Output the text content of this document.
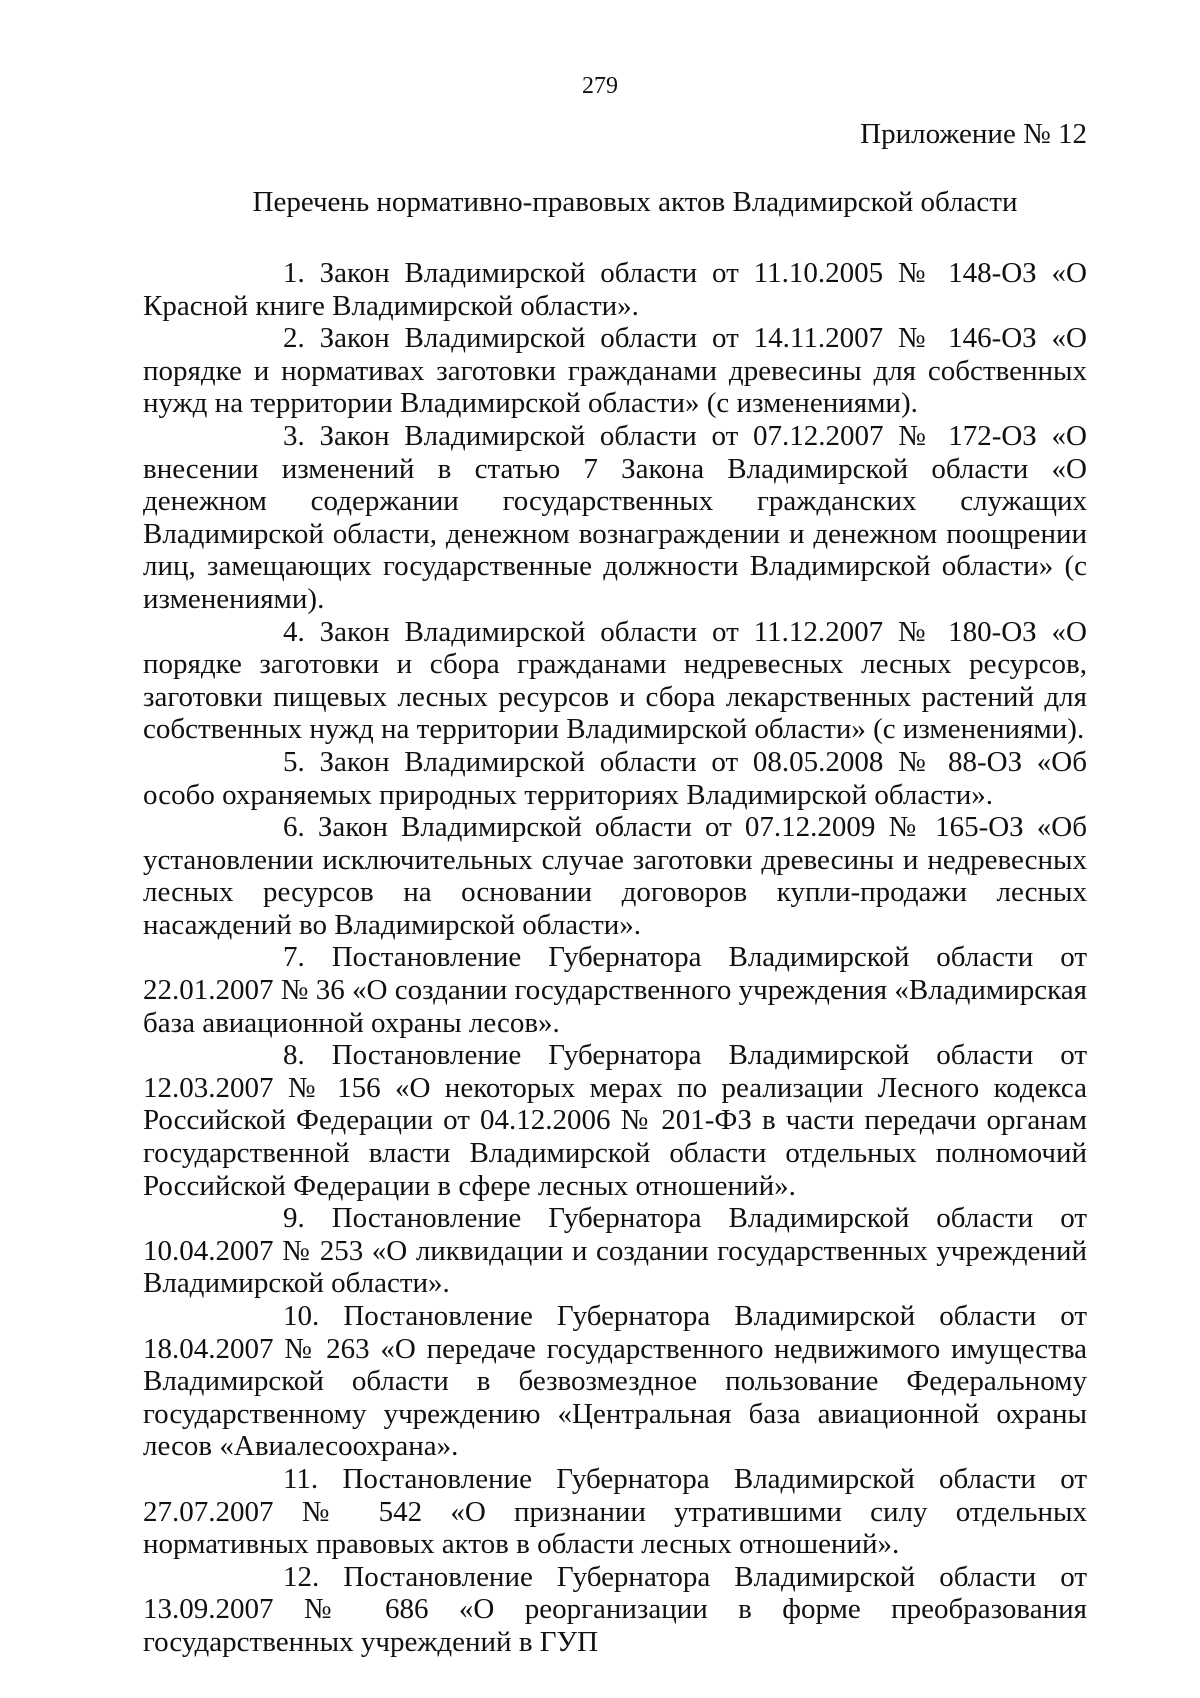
279
Приложение № 12
Перечень нормативно-правовых актов Владимирской области
1. Закон Владимирской области от 11.10.2005 № 148-ОЗ «О Красной книге Владимирской области».
2. Закон Владимирской области от 14.11.2007 № 146-ОЗ «О порядке и нормативах заготовки гражданами древесины для собственных нужд на территории Владимирской области» (с изменениями).
3. Закон Владимирской области от 07.12.2007 № 172-ОЗ «О внесении изменений в статью 7 Закона Владимирской области «О денежном содержании государственных гражданских служащих Владимирской области, денежном вознаграждении и денежном поощрении лиц, замещающих государственные должности Владимирской области» (с изменениями).
4. Закон Владимирской области от 11.12.2007 № 180-ОЗ «О порядке заготовки и сбора гражданами недревесных лесных ресурсов, заготовки пищевых лесных ресурсов и сбора лекарственных растений для собственных нужд на территории Владимирской области» (с изменениями).
5. Закон Владимирской области от 08.05.2008 № 88-ОЗ «Об особо охраняемых природных территориях Владимирской области».
6. Закон Владимирской области от 07.12.2009 № 165-ОЗ «Об установлении исключительных случае заготовки древесины и недревесных лесных ресурсов на основании договоров купли-продажи лесных насаждений во Владимирской области».
7. Постановление Губернатора Владимирской области от 22.01.2007 № 36 «О создании государственного учреждения «Владимирская база авиационной охраны лесов».
8. Постановление Губернатора Владимирской области от 12.03.2007 № 156 «О некоторых мерах по реализации Лесного кодекса Российской Федерации от 04.12.2006 № 201-ФЗ в части передачи органам государственной власти Владимирской области отдельных полномочий Российской Федерации в сфере лесных отношений».
9. Постановление Губернатора Владимирской области от 10.04.2007 № 253 «О ликвидации и создании государственных учреждений Владимирской области».
10. Постановление Губернатора Владимирской области от 18.04.2007 № 263 «О передаче государственного недвижимого имущества Владимирской области в безвозмездное пользование Федеральному государственному учреждению «Центральная база авиационной охраны лесов «Авиалесоохрана».
11. Постановление Губернатора Владимирской области от 27.07.2007 № 542 «О признании утратившими силу отдельных нормативных правовых актов в области лесных отношений».
12. Постановление Губернатора Владимирской области от 13.09.2007 № 686 «О реорганизации в форме преобразования государственных учреждений в ГУП
